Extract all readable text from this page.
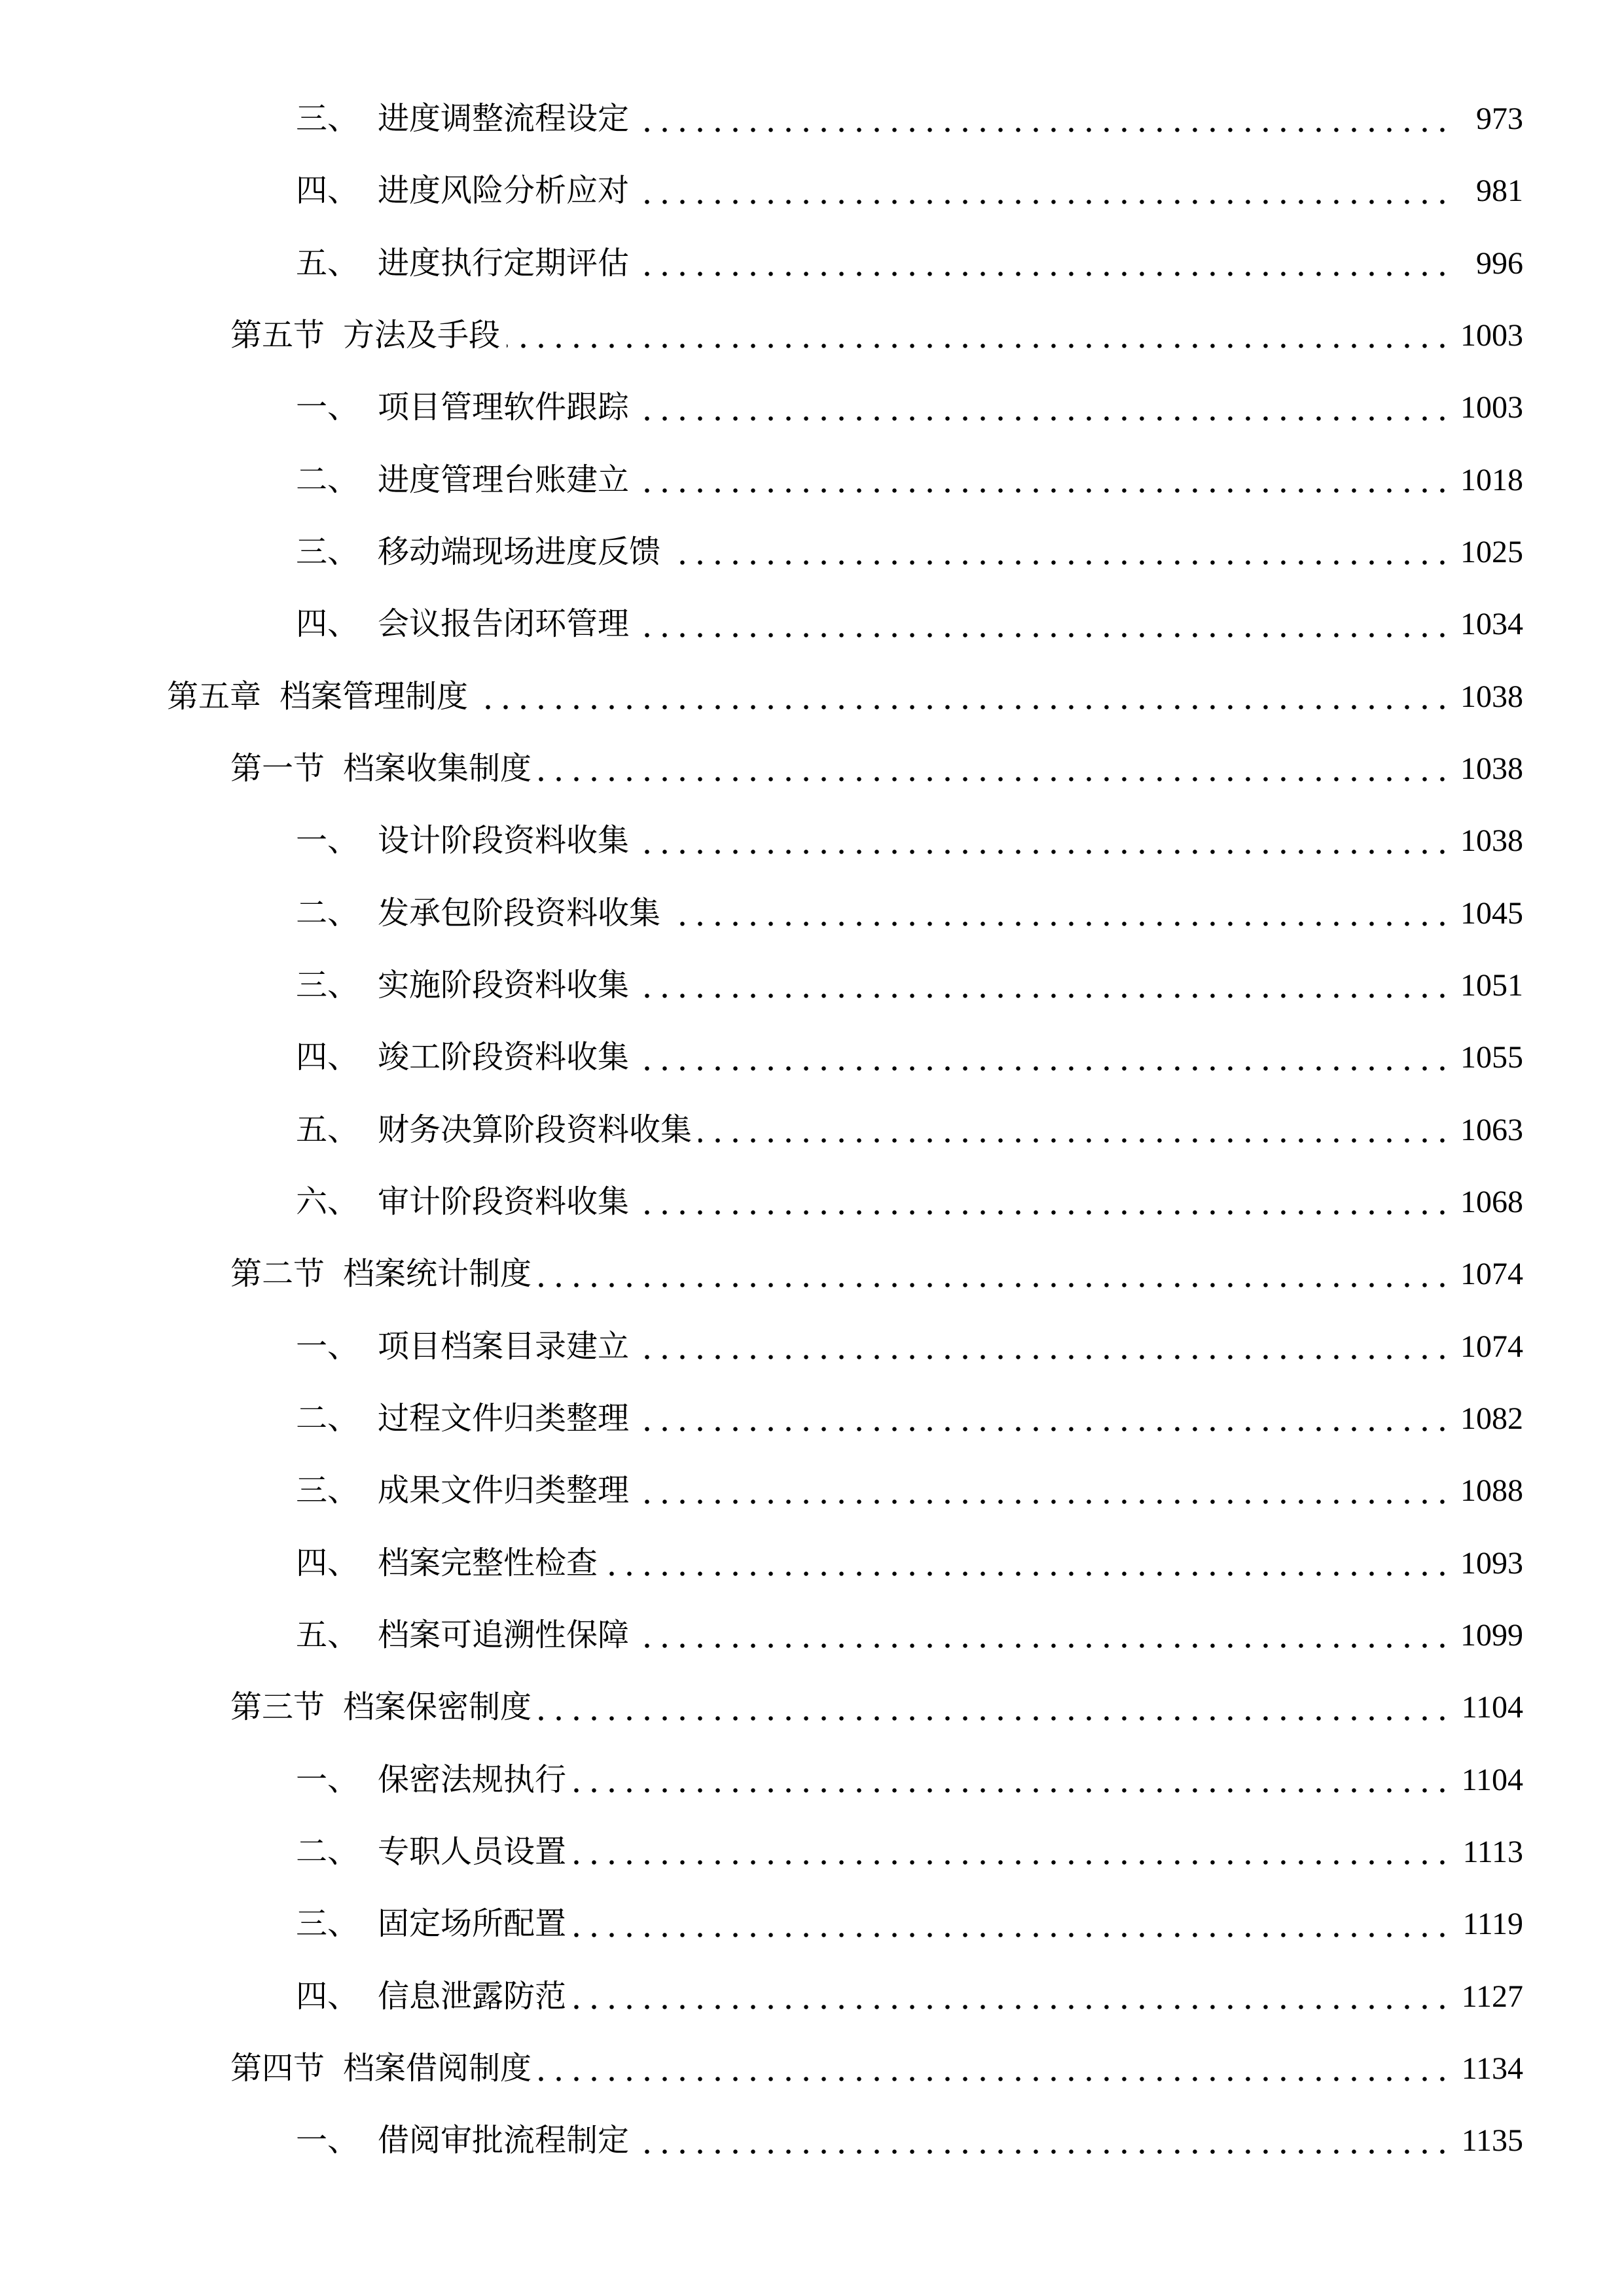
三、 进度调整流程设定	973
四、 进度风险分析应对	981
五、 进度执行定期评估	996
第五节 方法及手段	1003
一、 项目管理软件跟踪	1003
二、 进度管理台账建立	1018
三、 移动端现场进度反馈	1025
四、 会议报告闭环管理	1034
第五章 档案管理制度	1038
第一节 档案收集制度	1038
一、 设计阶段资料收集	1038
二、 发承包阶段资料收集	1045
三、 实施阶段资料收集	1051
四、 竣工阶段资料收集	1055
五、 财务决算阶段资料收集	1063
六、 审计阶段资料收集	1068
第二节 档案统计制度	1074
一、 项目档案目录建立	1074
二、 过程文件归类整理	1082
三、 成果文件归类整理	1088
四、 档案完整性检查	1093
五、 档案可追溯性保障	1099
第三节 档案保密制度	1104
一、 保密法规执行	1104
二、 专职人员设置	1113
三、 固定场所配置	1119
四、 信息泄露防范	1127
第四节 档案借阅制度	1134
一、 借阅审批流程制定	1135
